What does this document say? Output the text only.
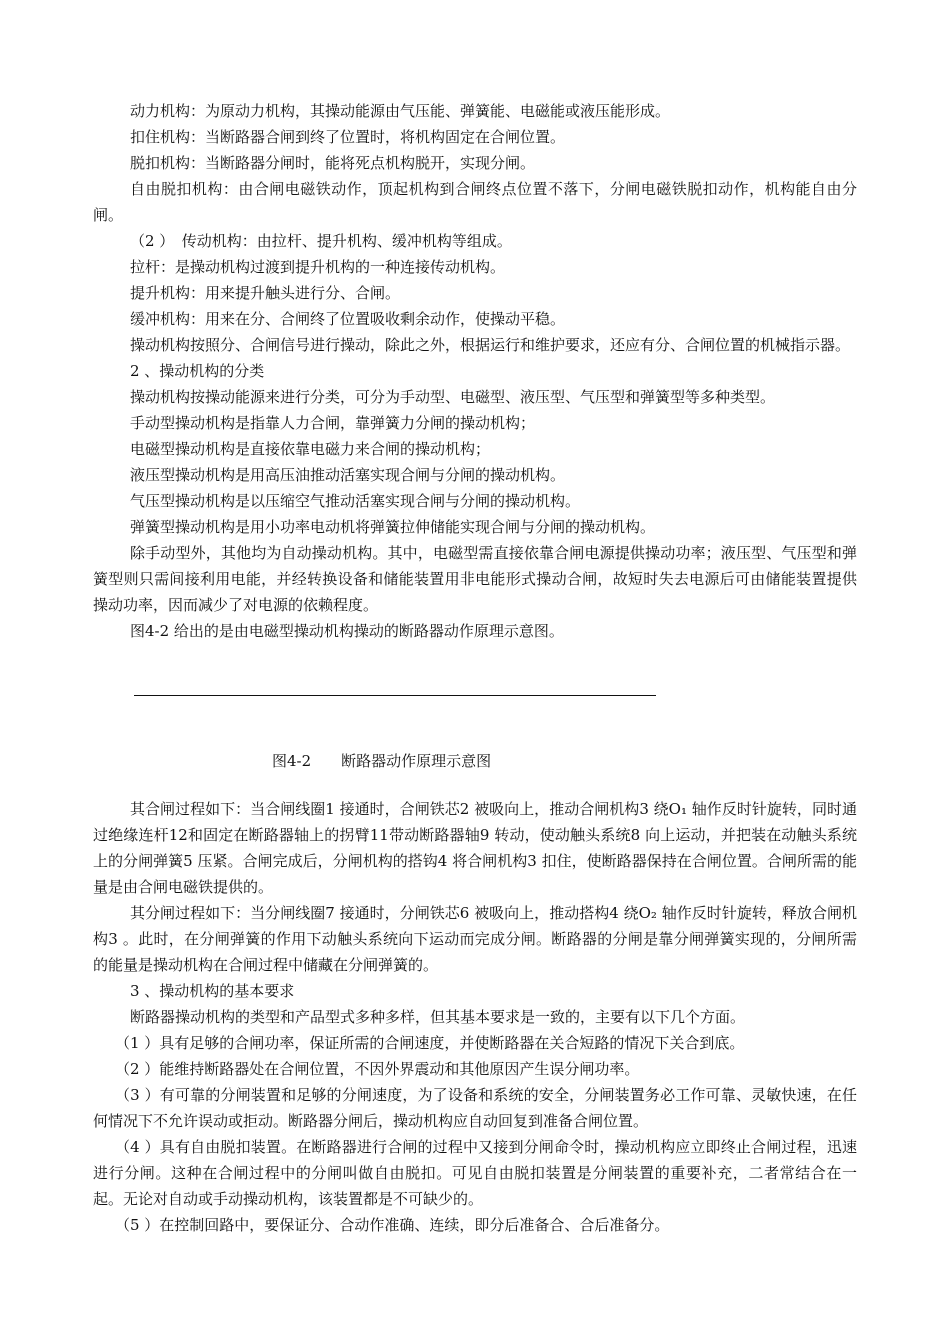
动力机构：为原动力机构，其操动能源由气压能、弹簧能、电磁能或液压能形成。

扣住机构：当断路器合闸到终了位置时，将机构固定在合闸位置。

脱扣机构：当断路器分闸时，能将死点机构脱开，实现分闸。

自由脱扣机构：由合闸电磁铁动作，顶起机构到合闸终点位置不落下，分闸电磁铁脱扣动作，机构能自由分闸。

（2 ）　传动机构：由拉杆、提升机构、缓冲机构等组成。

拉杆：是操动机构过渡到提升机构的一种连接传动机构。

提升机构：用来提升触头进行分、合闸。

缓冲机构：用来在分、合闸终了位置吸收剩余动作，使操动平稳。

操动机构按照分、合闸信号进行操动，除此之外，根据运行和维护要求，还应有分、合闸位置的机械指示器。

2 、操动机构的分类

操动机构按操动能源来进行分类，可分为手动型、电磁型、液压型、气压型和弹簧型等多种类型。

手动型操动机构是指靠人力合闸，靠弹簧力分闸的操动机构；

电磁型操动机构是直接依靠电磁力来合闸的操动机构；

液压型操动机构是用高压油推动活塞实现合闸与分闸的操动机构。

气压型操动机构是以压缩空气推动活塞实现合闸与分闸的操动机构。

弹簧型操动机构是用小功率电动机将弹簧拉伸储能实现合闸与分闸的操动机构。

除手动型外，其他均为自动操动机构。其中，电磁型需直接依靠合闸电源提供操动功率；液压型、气压型和弹簧型则只需间接利用电能，并经转换设备和储能装置用非电能形式操动合闸，故短时失去电源后可由储能装置提供操动功率，因而减少了对电源的依赖程度。

图4-2 给出的是由电磁型操动机构操动的断路器动作原理示意图。

图4-2　　断路器动作原理示意图

其合闸过程如下：当合闸线圈1 接通时，合闸铁芯2 被吸向上，推动合闸机构3 绕O₁ 轴作反时针旋转，同时通过绝缘连杆12和固定在断路器轴上的拐臂11带动断路器轴9 转动，使动触头系统8 向上运动，并把装在动触头系统上的分闸弹簧5 压紧。合闸完成后，分闸机构的搭钩4 将合闸机构3 扣住，使断路器保持在合闸位置。合闸所需的能量是由合闸电磁铁提供的。

其分闸过程如下：当分闸线圈7 接通时，分闸铁芯6 被吸向上，推动搭构4 绕O₂ 轴作反时针旋转，释放合闸机构3 。此时，在分闸弹簧的作用下动触头系统向下运动而完成分闸。断路器的分闸是靠分闸弹簧实现的，分闸所需的能量是操动机构在合闸过程中储藏在分闸弹簧的。

3 、操动机构的基本要求

断路器操动机构的类型和产品型式多种多样，但其基本要求是一致的，主要有以下几个方面。

（1 ）具有足够的合闸功率，保证所需的合闸速度，并使断路器在关合短路的情况下关合到底。

（2 ）能维持断路器处在合闸位置，不因外界震动和其他原因产生误分闸功率。

（3 ）有可靠的分闸装置和足够的分闸速度，为了设备和系统的安全，分闸装置务必工作可靠、灵敏快速，在任何情况下不允许误动或拒动。断路器分闸后，操动机构应自动回复到准备合闸位置。

（4 ）具有自由脱扣装置。在断路器进行合闸的过程中又接到分闸命令时，操动机构应立即终止合闸过程，迅速进行分闸。这种在合闸过程中的分闸叫做自由脱扣。可见自由脱扣装置是分闸装置的重要补充，二者常结合在一起。无论对自动或手动操动机构，该装置都是不可缺少的。

（5 ）在控制回路中，要保证分、合动作准确、连续，即分后准备合、合后准备分。
